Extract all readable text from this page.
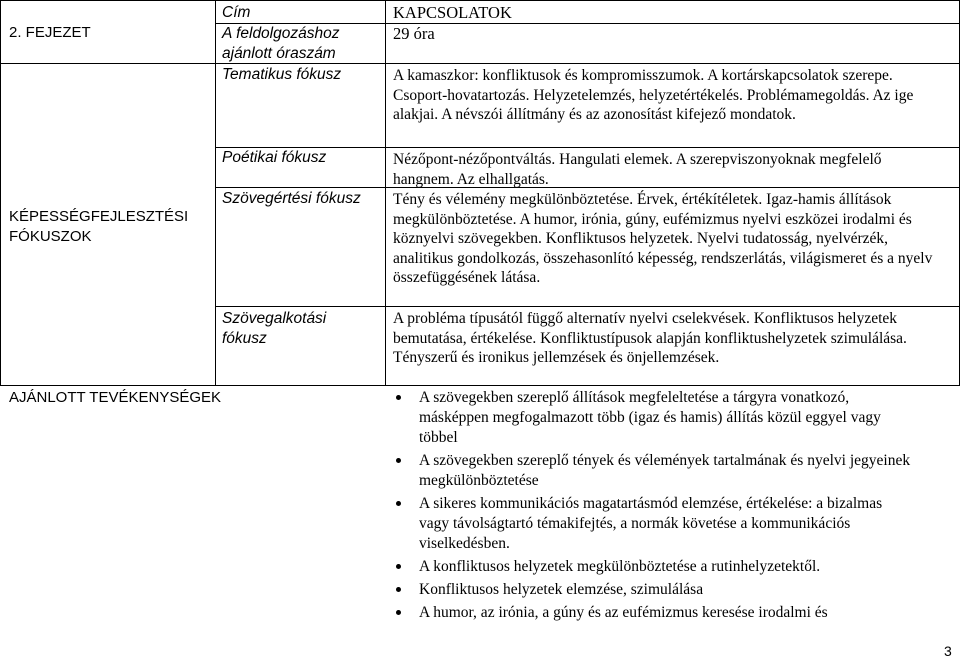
2. FEJEZET
KÉPESSÉGFEJLESZTÉSI FÓKUSZOK
Cím
A feldolgozáshoz ajánlott óraszám
Tematikus fókusz
Poétikai fókusz
Szövegértési fókusz
Szövegalkotási fókusz
KAPCSOLATOK
29 óra
A kamaszkor: konfliktusok és kompromisszumok. A kortárskapcsolatok szerepe. Csoport-hovatartozás. Helyzetelemzés, helyzetértékelés. Problémamegoldás. Az ige alakjai. A névszói állítmány és az azonosítást kifejező mondatok.
Nézőpont-nézőpontváltás. Hangulati elemek. A szerepviszonyoknak megfelelő hangnem. Az elhallgatás.
Tény és vélemény megkülönböztetése. Érvek, értékítéletek. Igaz-hamis állítások megkülönböztetése. A humor, irónia, gúny, eufémizmus nyelvi eszközei irodalmi és köznyelvi szövegekben. Konfliktusos helyzetek. Nyelvi tudatosság, nyelvérzék, analitikus gondolkozás, összehasonlító képesség, rendszerlátás, világismeret és a nyelv összefüggésének látása.
A probléma típusától függő alternatív nyelvi cselekvések. Konfliktusos helyzetek bemutatása, értékelése. Konfliktustípusok alapján konfliktushelyzetek szimulálása. Tényszerű és ironikus jellemzések és önjellemzések.
AJÁNLOTT TEVÉKENYSÉGEK	A szövegekben szereplő állítások megfeleltetése a tárgyra vonatkozó, másképpen megfogalmazott több (igaz és hamis) állítás közül eggyel vagy többel
A szövegekben szereplő tények és vélemények tartalmának és nyelvi jegyeinek megkülönböztetése
A sikeres kommunikációs magatartásmód elemzése, értékelése: a bizalmas vagy távolságtartó témakifejtés, a normák követése a kommunikációs viselkedésben.
A konfliktusos helyzetek megkülönböztetése a rutinhelyzetektől.
Konfliktusos helyzetek elemzése, szimulálása
A humor, az irónia, a gúny és az eufémizmus keresése irodalmi és
3
